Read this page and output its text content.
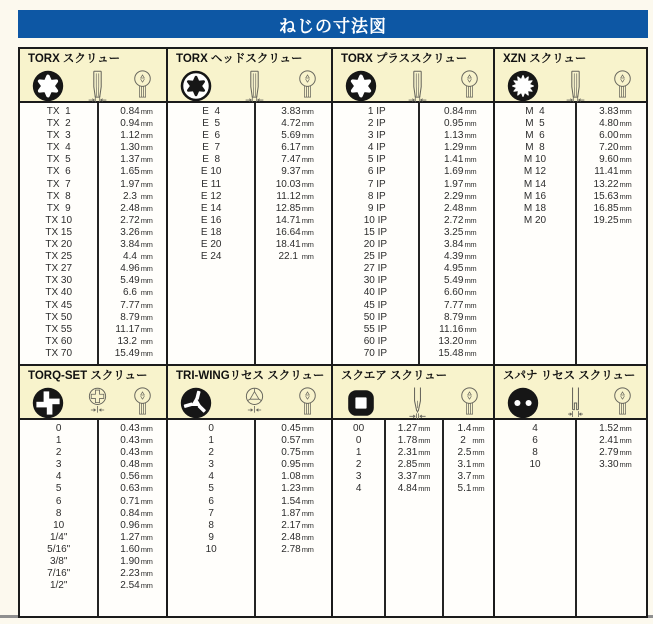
ねじの寸法図
TORX スクリュー
TX  1
TX  2
TX  3
TX  4
TX  5
TX  6
TX  7
TX  8
TX  9
TX 10
TX 15
TX 20
TX 25
TX 27
TX 30
TX 40
TX 45
TX 50
TX 55
TX 60
TX 70
0.84mm
0.94mm
1.12mm
1.30mm
1.37mm
1.65mm
1.97mm
2.3 mm
2.48mm
2.72mm
3.26mm
3.84mm
4.4 mm
4.96mm
5.49mm
6.6 mm
7.77mm
8.79mm
11.17mm
13.2 mm
15.49mm
TORX ヘッドスクリュー
E  4
E  5
E  6
E  7
E  8
E 10
E 11
E 12
E 14
E 16
E 18
E 20
E 24
3.83mm
4.72mm
5.69mm
6.17mm
7.47mm
9.37mm
10.03mm
11.12mm
12.85mm
14.71mm
16.64mm
18.41mm
22.1 mm
TORX プラススクリュー
1 IP
2 IP
3 IP
4 IP
5 IP
6 IP
7 IP
8 IP
9 IP
10 IP
15 IP
20 IP
25 IP
27 IP
30 IP
40 IP
45 IP
50 IP
55 IP
60 IP
70 IP
0.84mm
0.95mm
1.13mm
1.29mm
1.41mm
1.69mm
1.97mm
2.29mm
2.48mm
2.72mm
3.25mm
3.84mm
4.39mm
4.95mm
5.49mm
6.60mm
7.77mm
8.79mm
11.16mm
13.20mm
15.48mm
XZN スクリュー
M  4
M  5
M  6
M  8
M 10
M 12
M 14
M 16
M 18
M 20
3.83mm
4.80mm
6.00mm
7.20mm
9.60mm
11.41mm
13.22mm
15.63mm
16.85mm
19.25mm
TORQ-SET スクリュー
0
1
2
3
4
5
6
8
10
1/4"
5/16"
3/8"
7/16"
1/2"
0.43mm
0.43mm
0.43mm
0.48mm
0.56mm
0.63mm
0.71mm
0.84mm
0.96mm
1.27mm
1.60mm
1.90mm
2.23mm
2.54mm
TRI-WINGリセス スクリュー
0
1
2
3
4
5
6
7
8
9
10
0.45mm
0.57mm
0.75mm
0.95mm
1.08mm
1.23mm
1.54mm
1.87mm
2.17mm
2.48mm
2.78mm
スクエア スクリュー
00
0
1
2
3
4
1.27mm
1.78mm
2.31mm
2.85mm
3.37mm
4.84mm
1.4mm
2  mm
2.5mm
3.1mm
3.7mm
5.1mm
スパナ リセス スクリュー
4
6
8
10
1.52mm
2.41mm
2.79mm
3.30mm
